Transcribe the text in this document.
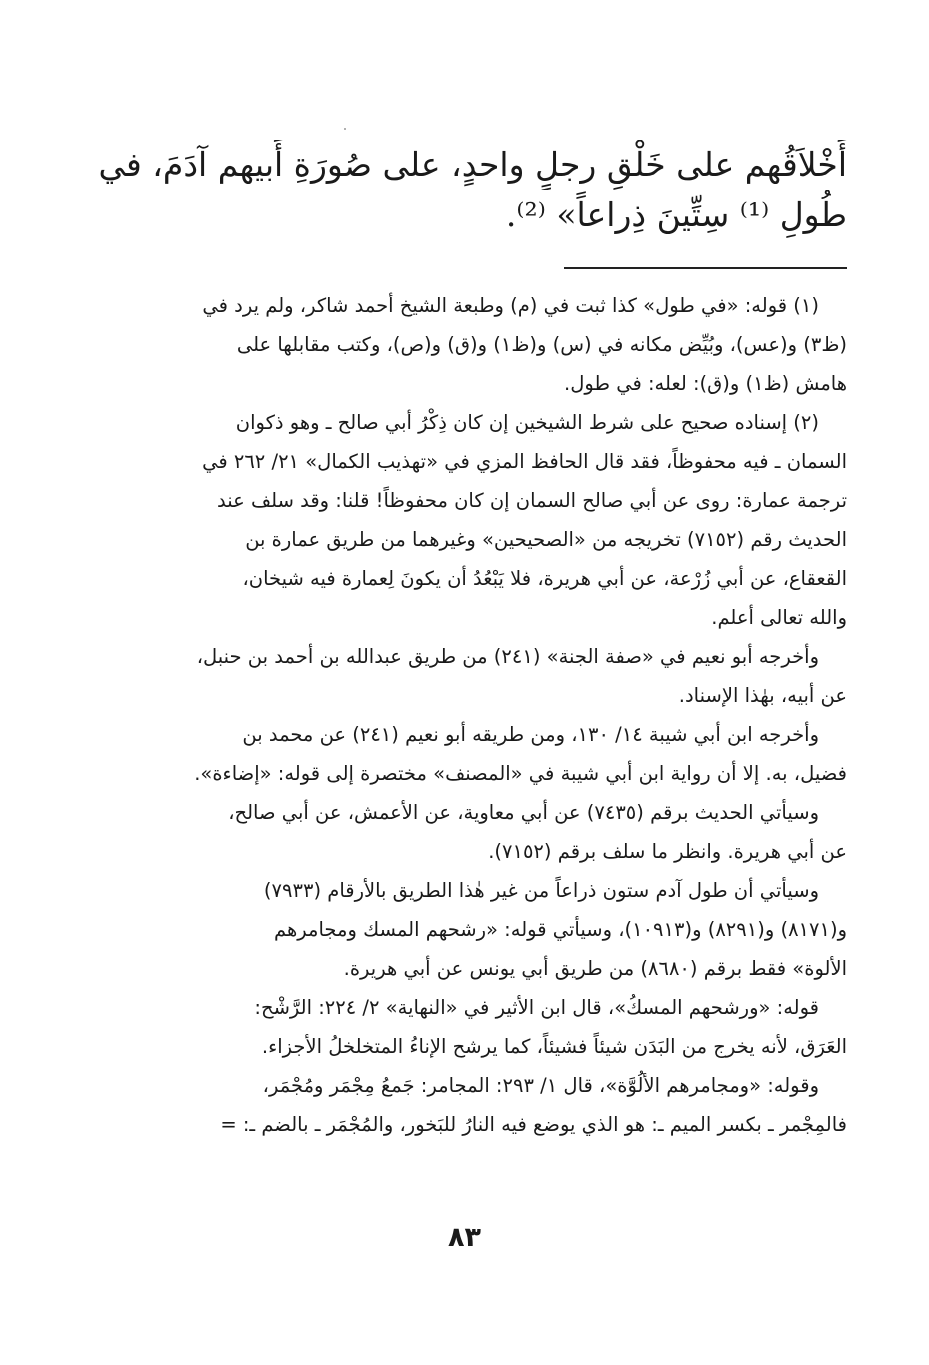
أَخْلاَقُهم على خَلْقِ رجلٍ واحدٍ، على صُورَةِ أَبيهم آدَمَ، في
طُولِ ⁽¹⁾ سِتِّينَ ذِراعاً» ⁽²⁾.
(١) قوله: «في طول» كذا ثبت في (م) وطبعة الشيخ أحمد شاكر، ولم يرد في
(ظ٣) و(عس)، وبُيِّض مكانه في (س) و(ظ١) و(ق) و(ص)، وكتب مقابلها على
هامش (ظ١) و(ق): لعله: في طول.
(٢) إسناده صحيح على شرط الشيخين إن كان ذِكْرُ أبي صالح ـ وهو ذكوان
السمان ـ فيه محفوظاً، فقد قال الحافظ المزي في «تهذيب الكمال» ٢١/ ٢٦٢ في
ترجمة عمارة: روى عن أبي صالح السمان إن كان محفوظاً! قلنا: وقد سلف عند
الحديث رقم (٧١٥٢) تخريجه من «الصحيحين» وغيرهما من طريق عمارة بن
القعقاع، عن أبي زُرْعة، عن أبي هريرة، فلا يَبْعُدُ أن يكونَ لِعمارة فيه شيخان،
والله تعالى أعلم.
وأخرجه أبو نعيم في «صفة الجنة» (٢٤١) من طريق عبدالله بن أحمد بن حنبل،
عن أبيه، بهٰذا الإسناد.
وأخرجه ابن أبي شيبة ١٤/ ١٣٠، ومن طريقه أبو نعيم (٢٤١) عن محمد بن
فضيل، به. إلا أن رواية ابن أبي شيبة في «المصنف» مختصرة إلى قوله: «إضاءة».
وسيأتي الحديث برقم (٧٤٣٥) عن أبي معاوية، عن الأعمش، عن أبي صالح،
عن أبي هريرة. وانظر ما سلف برقم (٧١٥٢).
وسيأتي أن طول آدم ستون ذراعاً من غير هٰذا الطريق بالأرقام (٧٩٣٣)
و(٨١٧١) و(٨٢٩١) و(١٠٩١٣)، وسيأتي قوله: «رشحهم المسك ومجامرهم
الألوة» فقط برقم (٨٦٨٠) من طريق أبي يونس عن أبي هريرة.
قوله: «ورشحهم المسكُ»، قال ابن الأثير في «النهاية» ٢/ ٢٢٤: الرَّشْح:
العَرَق، لأنه يخرج من البَدَن شيئاً فشيئاً، كما يرشح الإناءُ المتخلخلُ الأجزاء.
وقوله: «ومجامرهم الألُوَّة»، قال ١/ ٢٩٣: المجامر: جَمعُ مِجْمَر ومُجْمَر،
فالمِجْمر ـ بكسر الميم ـ: هو الذي يوضع فيه النارُ للبَخور، والمُجْمَر ـ بالضم ـ: =
٨٣
